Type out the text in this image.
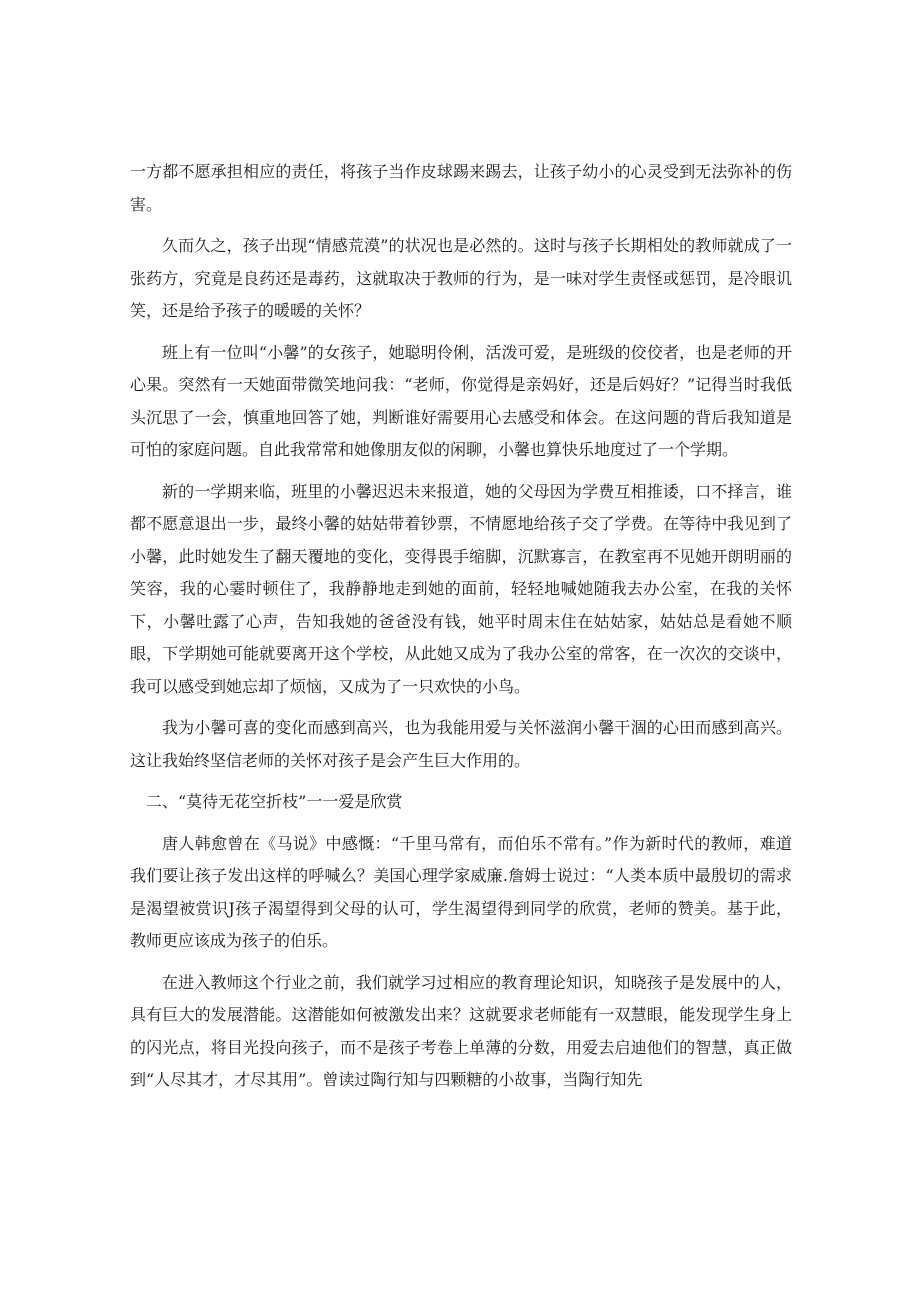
一方都不愿承担相应的责任，将孩子当作皮球踢来踢去，让孩子幼小的心灵受到无法弥补的伤害。

久而久之，孩子出现“情感荒漠”的状况也是必然的。这时与孩子长期相处的教师就成了一张药方，究竟是良药还是毒药，这就取决于教师的行为，是一味对学生责怪或惩罚，是冷眼讥笑，还是给予孩子的暖暖的关怀？

班上有一位叫“小馨”的女孩子，她聪明伶俐，活泼可爱，是班级的佼佼者，也是老师的开心果。突然有一天她面带微笑地问我：“老师，你觉得是亲妈好，还是后妈好？”记得当时我低头沉思了一会，慎重地回答了她，判断谁好需要用心去感受和体会。在这问题的背后我知道是可怕的家庭问题。自此我常常和她像朋友似的闲聊，小馨也算快乐地度过了一个学期。

新的一学期来临，班里的小馨迟迟未来报道，她的父母因为学费互相推诿，口不择言，谁都不愿意退出一步，最终小馨的姑姑带着钞票，不情愿地给孩子交了学费。在等待中我见到了小馨，此时她发生了翻天覆地的变化，变得畏手缩脚，沉默寡言，在教室再不见她开朗明丽的笑容，我的心霎时顿住了，我静静地走到她的面前，轻轻地喊她随我去办公室，在我的关怀下，小馨吐露了心声，告知我她的爸爸没有钱，她平时周末住在姑姑家，姑姑总是看她不顺眼，下学期她可能就要离开这个学校，从此她又成为了我办公室的常客，在一次次的交谈中，我可以感受到她忘却了烦恼，又成为了一只欢快的小鸟。

我为小馨可喜的变化而感到高兴，也为我能用爱与关怀滋润小馨干涸的心田而感到高兴。这让我始终坚信老师的关怀对孩子是会产生巨大作用的。

二、“莫待无花空折枝”一一爱是欣赏

唐人韩愈曾在《马说》中感慨：“千里马常有，而伯乐不常有。”作为新时代的教师，难道我们要让孩子发出这样的呼喊么？美国心理学家威廉.詹姆士说过：“人类本质中最殷切的需求是渴望被赏识J孩子渴望得到父母的认可，学生渴望得到同学的欣赏，老师的赞美。基于此，教师更应该成为孩子的伯乐。

在进入教师这个行业之前，我们就学习过相应的教育理论知识，知晓孩子是发展中的人，具有巨大的发展潜能。这潜能如何被激发出来？这就要求老师能有一双慧眼，能发现学生身上的闪光点，将目光投向孩子，而不是孩子考卷上单薄的分数，用爱去启迪他们的智慧，真正做到“人尽其才，才尽其用”。曾读过陶行知与四颗糖的小故事，当陶行知先
